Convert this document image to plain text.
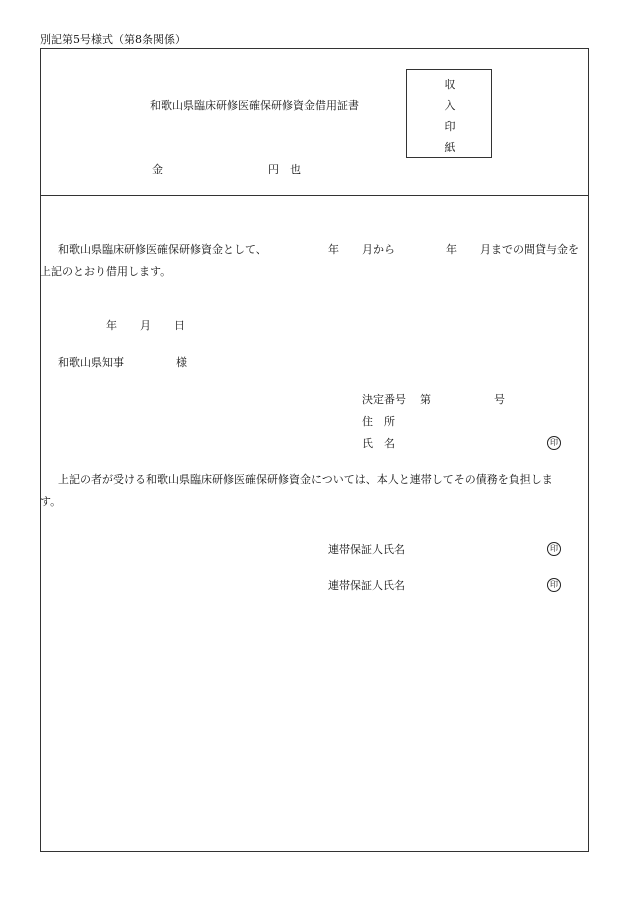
別記第5号様式（第8条関係）
和歌山県臨床研修医確保研修資金借用証書
金	円　也
収
入
印
紙
和歌山県臨床研修医確保研修資金として、	年 月から	年 月までの間貸与金を
上記のとおり借用します。
年 月 日
和歌山県知事	様
決定番号 第	号
住　所
氏　名	印
上記の者が受ける和歌山県臨床研修医確保研修資金については、本人と連帯してその債務を負担しま
す。
連帯保証人氏名	印
連帯保証人氏名	印
